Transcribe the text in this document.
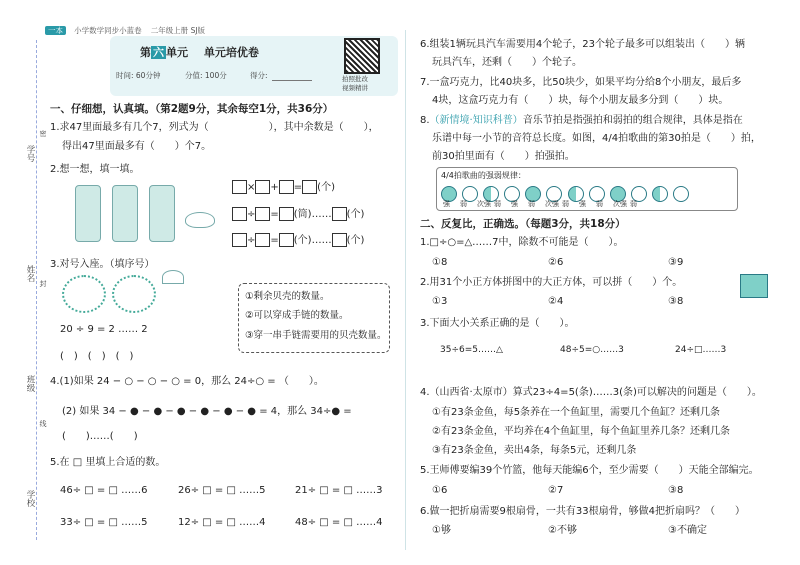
学号
姓名
班级
学校
密
封
线
一本 小学数学同步小蓝卷 二年级上册 SJ版
第 六 单元 单元培优卷
时间: 60分钟	分值: 100分	得分:	拍照批改
视频精讲
一、仔细想，认真填。（第2题9分，其余每空1分，共36分）
1.求47里面最多有几个7，列式为（　　　　　　），其中余数是（　　），
得出47里面最多有（　　）个7。
2.想一想，填一填。
× + = (个)
÷ = (筒)…… (个)
÷ = (个)…… (个)
3.对号入座。（填序号）
①剩余贝壳的数量。
②可以穿成手链的数量。
③穿一串手链需要用的贝壳数量。
20 ÷ 9 = 2 …… 2
(　)　(　)　(　)
4.(1)如果 24 − ○ − ○ − ○ = 0，那么 24÷○ = （　　）。
(2) 如果 34 − ● − ● − ● − ● − ● − ● = 4，那么 34÷● =
(　　)……(　　)
5.在 □ 里填上合适的数。
46÷ □ = □ ……6	26÷ □ = □ ……5	21÷ □ = □ ……3
33÷ □ = □ ……5	12÷ □ = □ ……4	48÷ □ = □ ……4
6.组装1辆玩具汽车需要用4个轮子，23个轮子最多可以组装出（　　）辆
玩具汽车，还剩（　　）个轮子。
7.一盒巧克力，比40块多，比50块少，如果平均分给8个小朋友，最后多
4块，这盒巧克力有（　　）块，每个小朋友最多分到（　　）块。
8.（新情境·知识科普）音乐节拍是指强拍和弱拍的组合规律，具体是指在
乐谱中每一小节的音符总长度。如图，4/4拍歌曲的第30拍是（　　）拍，
前30拍里面有（　　）拍强拍。
4/4拍歌曲的强弱规律：

强 弱 次强 弱 强 弱 次强 弱 强 弱 次强 弱
二、反复比，正确选。（每题3分，共18分）
1.□÷○=△……7中，除数不可能是（　　）。
①8	②6	③9
2.用31个小正方体拼图中的大正方体，可以拼（　　）个。
①3	②4	③8
3.下面大小关系正确的是（　　）。
35÷6=5……△	48÷5=○……3	24÷□……3
4.（山西省·太原市）算式23÷4=5(条)……3(条)可以解决的问题是（　　）。
①有23条金鱼，每5条养在一个鱼缸里，需要几个鱼缸？还剩几条
②有23条金鱼，平均养在4个鱼缸里，每个鱼缸里养几条？还剩几条
③有23条金鱼，卖出4条，每条5元，还剩几条
5.王师傅要编39个竹篮，他每天能编6个，至少需要（　　）天能全部编完。
①6	②7	③8
6.做一把折扇需要9根扇骨，一共有33根扇骨，够做4把折扇吗？（　　）
①够	②不够	③不确定
